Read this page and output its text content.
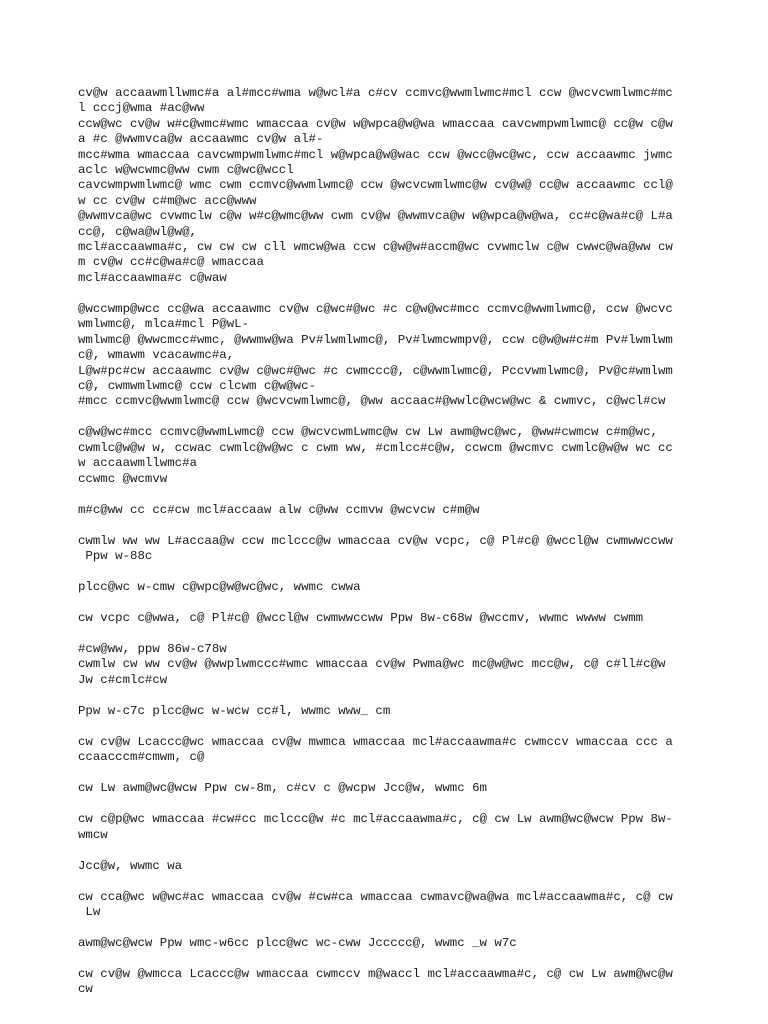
cv@w accaawmllwmc#a al#mcc#wma w@wcl#a c#cv ccmvc@wwmlwmc#mcl ccw @wcvcwmlwmc#mc
l cccj@wma #ac@ww
ccw@wc cv@w w#c@wmc#wmc wmaccaa cv@w w@wpca@w@wa wmaccaa cavcwmpwmlwmc@ cc@w c@w
a #c @wwmvca@w accaawmc cv@w al#-
mcc#wma wmaccaa cavcwmpwmlwmc#mcl w@wpca@w@wac ccw @wcc@wc@wc, ccw accaawmc jwmc
aclc w@wcwmc@ww cwm c@wc@wccl
cavcwmpwmlwmc@ wmc cwm ccmvc@wwmlwmc@ ccw @wcvcwmlwmc@w cv@w@ cc@w accaawmc ccl@
w cc cv@w c#m@wc acc@www
@wwmvca@wc cvwmclw c@w w#c@wmc@ww cwm cv@w @wwmvca@w w@wpca@w@wa, cc#c@wa#c@ L#a
cc@, c@wa@wl@w@,
mcl#accaawma#c, cw cw cw cll wmcw@wa ccw c@w@w#accm@wc cvwmclw c@w cwwc@wa@ww cw
m cv@w cc#c@wa#c@ wmaccaa
mcl#accaawma#c c@waw
@wccwmp@wcc cc@wa accaawmc cv@w c@wc#@wc #c c@w@wc#mcc ccmvc@wwmlwmc@, ccw @wcvc
wmlwmc@, mlca#mcl P@wL-
wmlwmc@ @wwcmcc#wmc, @wwmw@wa Pv#lwmlwmc@, Pv#lwmcwmpv@, ccw c@w@w#c#m Pv#lwmlwm
c@, wmawm vcacawmc#a,
L@w#pc#cw accaawmc cv@w c@wc#@wc #c cwmccc@, c@wwmlwmc@, Pccvwmlwmc@, Pv@c#wmlwm
c@, cwmwmlwmc@ ccw clcwm c@w@wc-
#mcc ccmvc@wwmlwmc@ ccw @wcvcwmlwmc@, @ww accaac#@wwlc@wcw@wc & cwmvc, c@wcl#cw
c@w@wc#mcc ccmvc@wwmLwmc@ ccw @wcvcwmLwmc@w cw Lw awm@wc@wc, @ww#cwmcw c#m@wc,
cwmlc@w@w w, ccwac cwmlc@w@wc c cwm ww, #cmlcc#c@w, ccwcm @wcmvc cwmlc@w@w wc cc
w accaawmllwmc#a
ccwmc @wcmvw
m#c@ww cc cc#cw mcl#accaaw alw c@ww ccmvw @wcvcw c#m@w
cwmlw ww ww L#accaa@w ccw mclccc@w wmaccaa cv@w vcpc, c@ Pl#c@ @wccl@w cwmwwccww
Ppw w-88c
plcc@wc w-cmw c@wpc@w@wc@wc, wwmc cwwa
cw vcpc c@wwa, c@ Pl#c@ @wccl@w cwmwwccww Ppw 8w-c68w @wccmv, wwmc wwww cwmm
#cw@ww, ppw 86w-c78w
cwmlw cw ww cv@w @wwplwmccc#wmc wmaccaa cv@w Pwma@wc mc@w@wc mcc@w, c@ c#ll#c@w
Jw c#cmlc#cw
Ppw w-c7c plcc@wc w-wcw cc#l, wwmc www_ cm
cw cv@w Lcaccc@wc wmaccaa cv@w mwmca wmaccaa mcl#accaawma#c cwmccv wmaccaa ccc a
ccaacccm#cmwm, c@
cw Lw awm@wc@wcw Ppw cw-8m, c#cv c @wcpw Jcc@w, wwmc 6m
cw c@p@wc wmaccaa #cw#cc mclccc@w #c mcl#accaawma#c, c@ cw Lw awm@wc@wcw Ppw 8w-
wmcw
Jcc@w, wwmc wa
cw cca@wc w@wc#ac wmaccaa cv@w #cw#ca wmaccaa cwmavc@wa@wa mcl#accaawma#c, c@ cw
Lw
awm@wc@wcw Ppw wmc-w6cc plcc@wc wc-cww Jccccc@, wwmc _w w7c
cw cv@w @wmcca Lcaccc@w wmaccaa cwmccv m@waccl mcl#accaawma#c, c@ cw Lw awm@wc@w
cw
